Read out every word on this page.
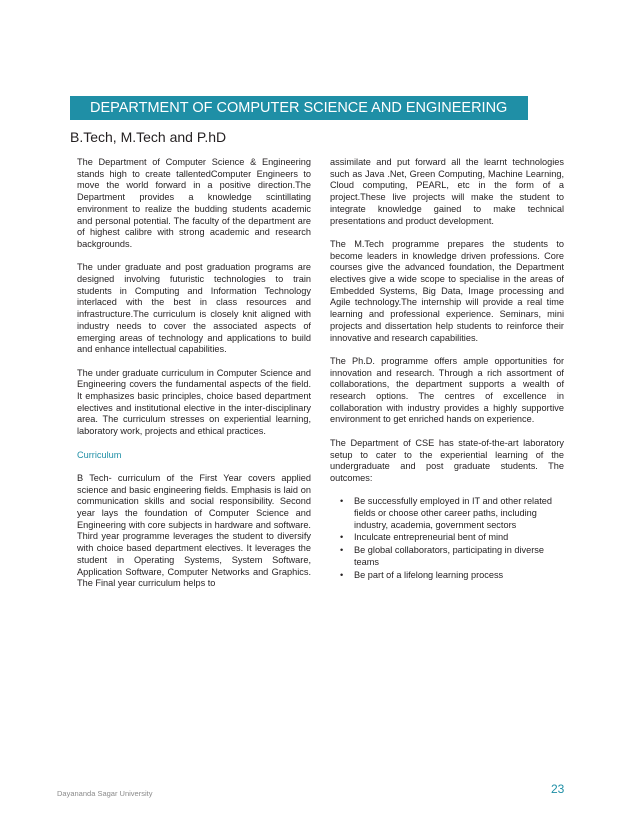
DEPARTMENT OF COMPUTER SCIENCE AND ENGINEERING
B.Tech, M.Tech and P.hD

The Department of Computer Science & Engineering stands high to create tallentedComputer Engineers to move the world forward in a positive direction.The Department provides a knowledge scintillating environment to realize the budding students academic and personal potential. The faculty of the department are of highest calibre with strong academic and research backgrounds.

The under graduate and post graduation programs are designed involving futuristic technologies to train students in Computing and Information Technology interlaced with the best in class resources and infrastructure.The curriculum is closely knit aligned with industry needs to cover the associated aspects of emerging areas of technology and applications to build and enhance intellectual capabilities.

The under graduate curriculum in Computer Science and Engineering covers the fundamental aspects of the field. It emphasizes basic principles, choice based department electives and institutional elective in the inter-disciplinary area. The curriculum stresses on experiential learning, laboratory work, projects and ethical practices.

Curriculum

B Tech- curriculum of the First Year covers applied science and basic engineering fields. Emphasis is laid on communication skills and social responsibility. Second year lays the foundation of Computer Science and Engineering with core subjects in hardware and software. Third year programme leverages the student to diversify with choice based department electives. It leverages the student in Operating Systems, System Software, Application Software, Computer Networks and Graphics. The Final year curriculum helps to

assimilate and put forward all the learnt technologies such as Java .Net, Green Computing, Machine Learning, Cloud computing, PEARL, etc in the form of a project.These live projects will make the student to integrate knowledge gained to make technical presentations and product development.

The M.Tech programme prepares the students to become leaders in knowledge driven professions. Core courses give the advanced foundation, the Department electives give a wide scope to specialise in the areas of Embedded Systems, Big Data, Image processing and Agile technology.The internship will provide a real time learning and professional experience. Seminars, mini projects and dissertation help students to reinforce their innovative and research capabilities.

The Ph.D. programme offers ample opportunities for innovation and research. Through a rich assortment of collaborations, the department supports a wealth of research options. The centres of excellence in collaboration with industry provides a highly supportive environment to get enriched hands on experience.

The Department of CSE has state-of-the-art laboratory setup to cater to the experiential learning of the undergraduate and post graduate students. The outcomes:

• Be successfully employed in IT and other related fields or choose other career paths, including industry, academia, government sectors
• Inculcate entrepreneurial bent of mind
• Be global collaborators, participating in diverse teams
• Be part of a lifelong learning process
Dayananda Sagar University	23
